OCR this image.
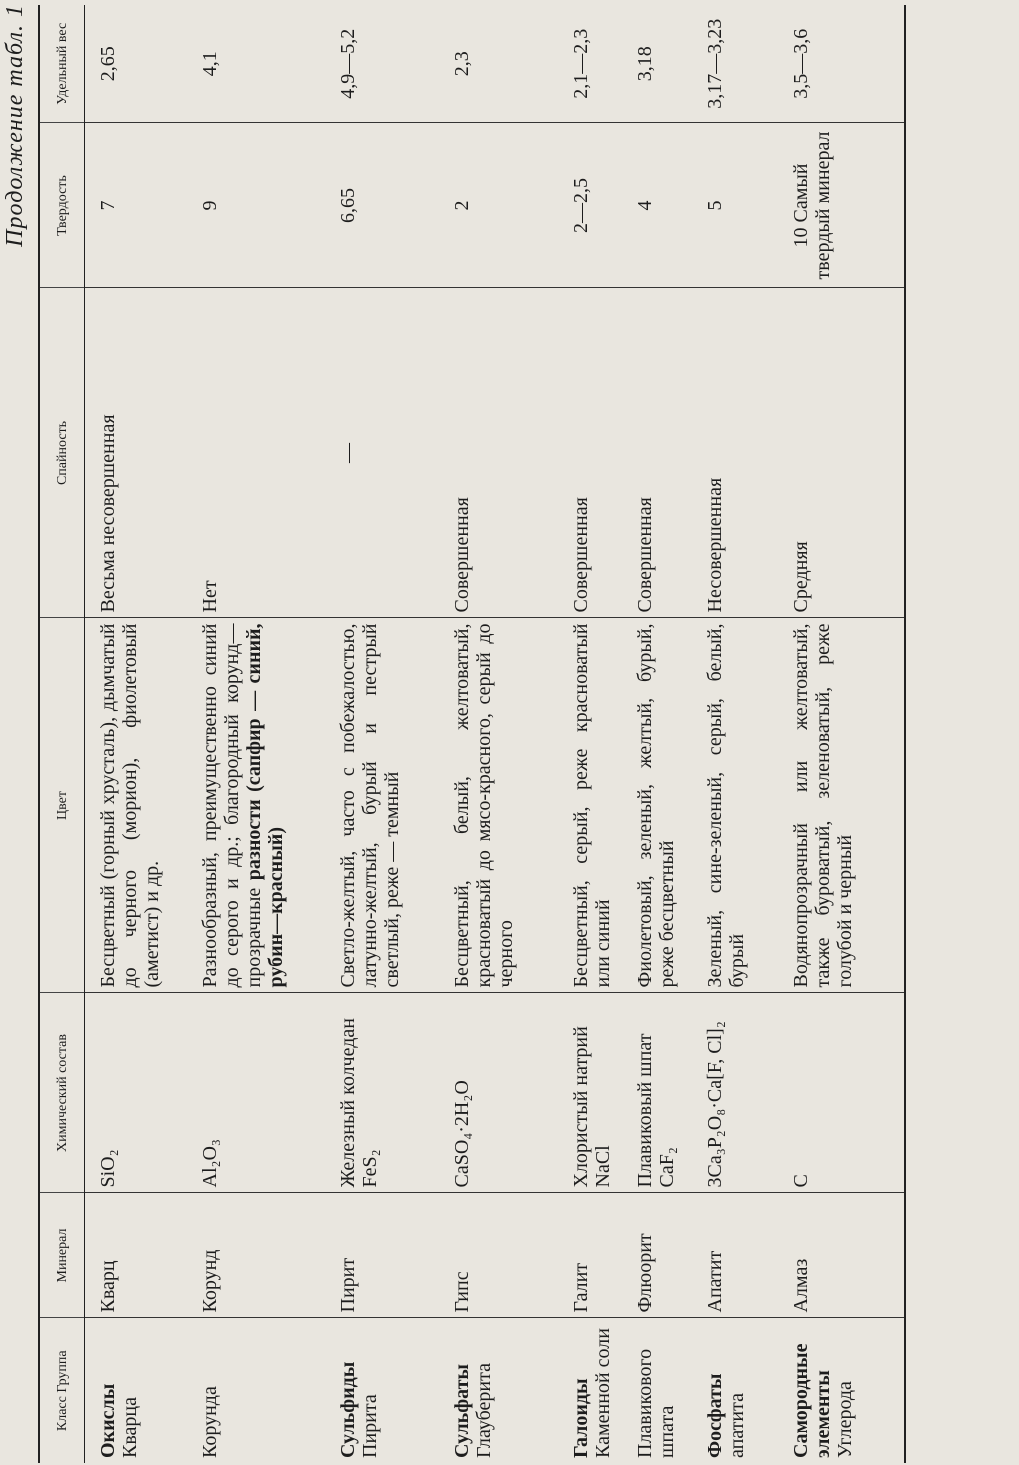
Продолжение табл. 1
Класс Группа	Минерал	Химический состав	Цвет	Спайность	Твердость	Удельный вес

Окислы Кварца	Кварц	SiO₂	Бесцветный (горный хрусталь), дымчатый до черного (морион), фиолетовый (аметист) и др.	Весьма несовершенная	7	2,65

Корунда	Корунд	Al₂O₃	Разнообразный, преимущественно синий до серого и др.; благородный корунд—прозрачные разности (сапфир — синий, рубин—красный)	Нет	9	4,1

Сульфиды Пирита	Пирит	Железный колчедан FeS₂	Светло-желтый, часто с побежалостью, латунно-желтый, бурый и пестрый светлый, реже — темный	—	6,65	4,9—5,2

Сульфаты Глауберита	Гипс	CaSO₄·2H₂O	Бесцветный, белый, желтоватый, красноватый до мясо-красного, серый до черного	Совершенная	2	2,3

Галоиды Каменной соли	Галит	Хлористый натрий NaCl	Бесцветный, серый, реже красноватый или синий	Совершенная	2—2,5	2,1—2,3

Плавикового шпата	Флюорит	Плавиковый шпат CaF₂	Фиолетовый, зеленый, желтый, бурый, реже бесцветный	Совершенная	4	3,18

Фосфаты апатита	Апатит	3Ca₃P₂O₈·Ca[F, Cl]₂	Зеленый, сине-зеленый, серый, белый, бурый	Несовершенная	5	3,17—3,23

Самородные элементы Углерода	Алмаз	C	Водянопрозрачный или желтоватый, также буроватый, зеленоватый, реже голубой и черный	Средняя	10 Самый твердый минерал	3,5—3,6
